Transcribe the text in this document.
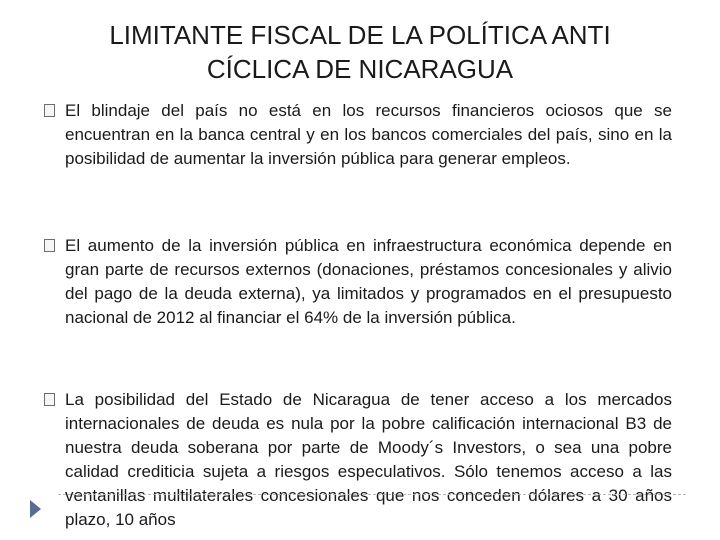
LIMITANTE FISCAL DE LA POLÍTICA ANTI
CÍCLICA DE NICARAGUA
El blindaje del país no está en los recursos financieros ociosos que se encuentran en la banca central y en los bancos comerciales del país, sino en la posibilidad de aumentar la inversión pública para generar empleos.
El aumento de la inversión pública en infraestructura económica depende en gran parte de recursos externos (donaciones, préstamos concesionales y alivio del pago de la deuda externa), ya limitados y programados en el presupuesto nacional de 2012 al financiar el 64% de la inversión pública.
La posibilidad del Estado de Nicaragua de tener acceso a los mercados internacionales de deuda es nula por la pobre calificación internacional B3 de nuestra deuda soberana por parte de Moody´s Investors, o sea una pobre calidad crediticia sujeta a riesgos especulativos. Sólo tenemos acceso a las ventanillas multilaterales concesionales que nos conceden dólares a 30 años plazo, 10 años
